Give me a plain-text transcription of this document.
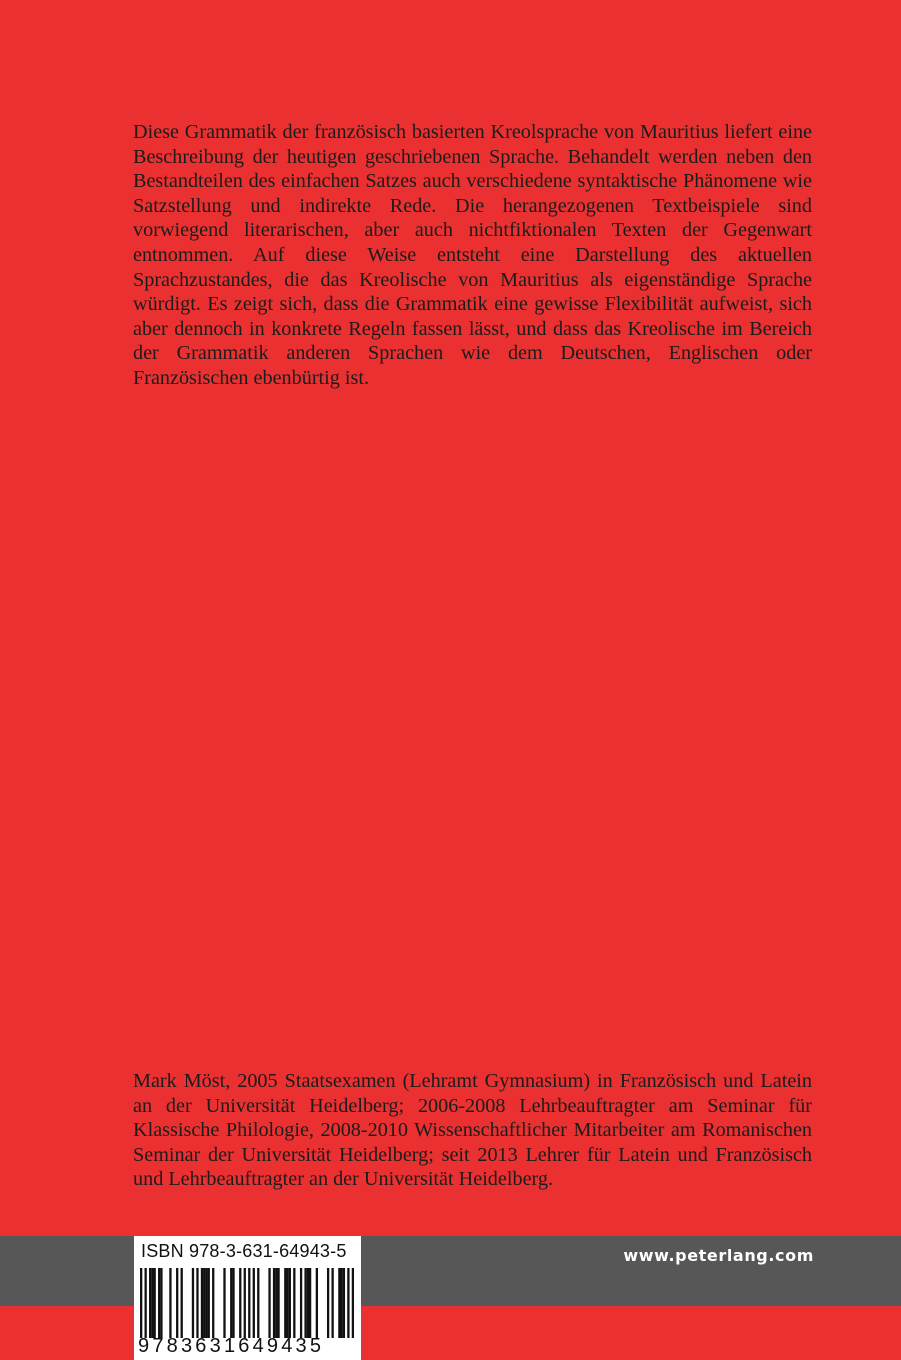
Diese Grammatik der französisch basierten Kreolsprache von Mauritius liefert eine Beschreibung der heutigen geschriebenen Sprache. Behandelt werden neben den Bestandteilen des einfachen Satzes auch verschiedene syntaktische Phänomene wie Satzstellung und indirekte Rede. Die herangezogenen Textbeispiele sind vorwiegend literarischen, aber auch nichtfiktionalen Texten der Gegenwart entnommen. Auf diese Weise entsteht eine Darstellung des aktuellen Sprachzustandes, die das Kreolische von Mauritius als eigenständige Sprache würdigt. Es zeigt sich, dass die Grammatik eine gewisse Flexibilität aufweist, sich aber dennoch in konkrete Regeln fassen lässt, und dass das Kreolische im Bereich der Grammatik anderen Sprachen wie dem Deutschen, Englischen oder Französischen ebenbürtig ist.

Mark Möst, 2005 Staatsexamen (Lehramt Gymnasium) in Französisch und Latein an der Universität Heidelberg; 2006-2008 Lehrbeauftragter am Seminar für Klassische Philologie, 2008-2010 Wissenschaftlicher Mitarbeiter am Romanischen Seminar der Universität Heidelberg; seit 2013 Lehrer für Latein und Französisch und Lehrbeauftragter an der Universität Heidelberg.

www.peterlang.com
ISBN 978-3-631-64943-5
9783631649435
